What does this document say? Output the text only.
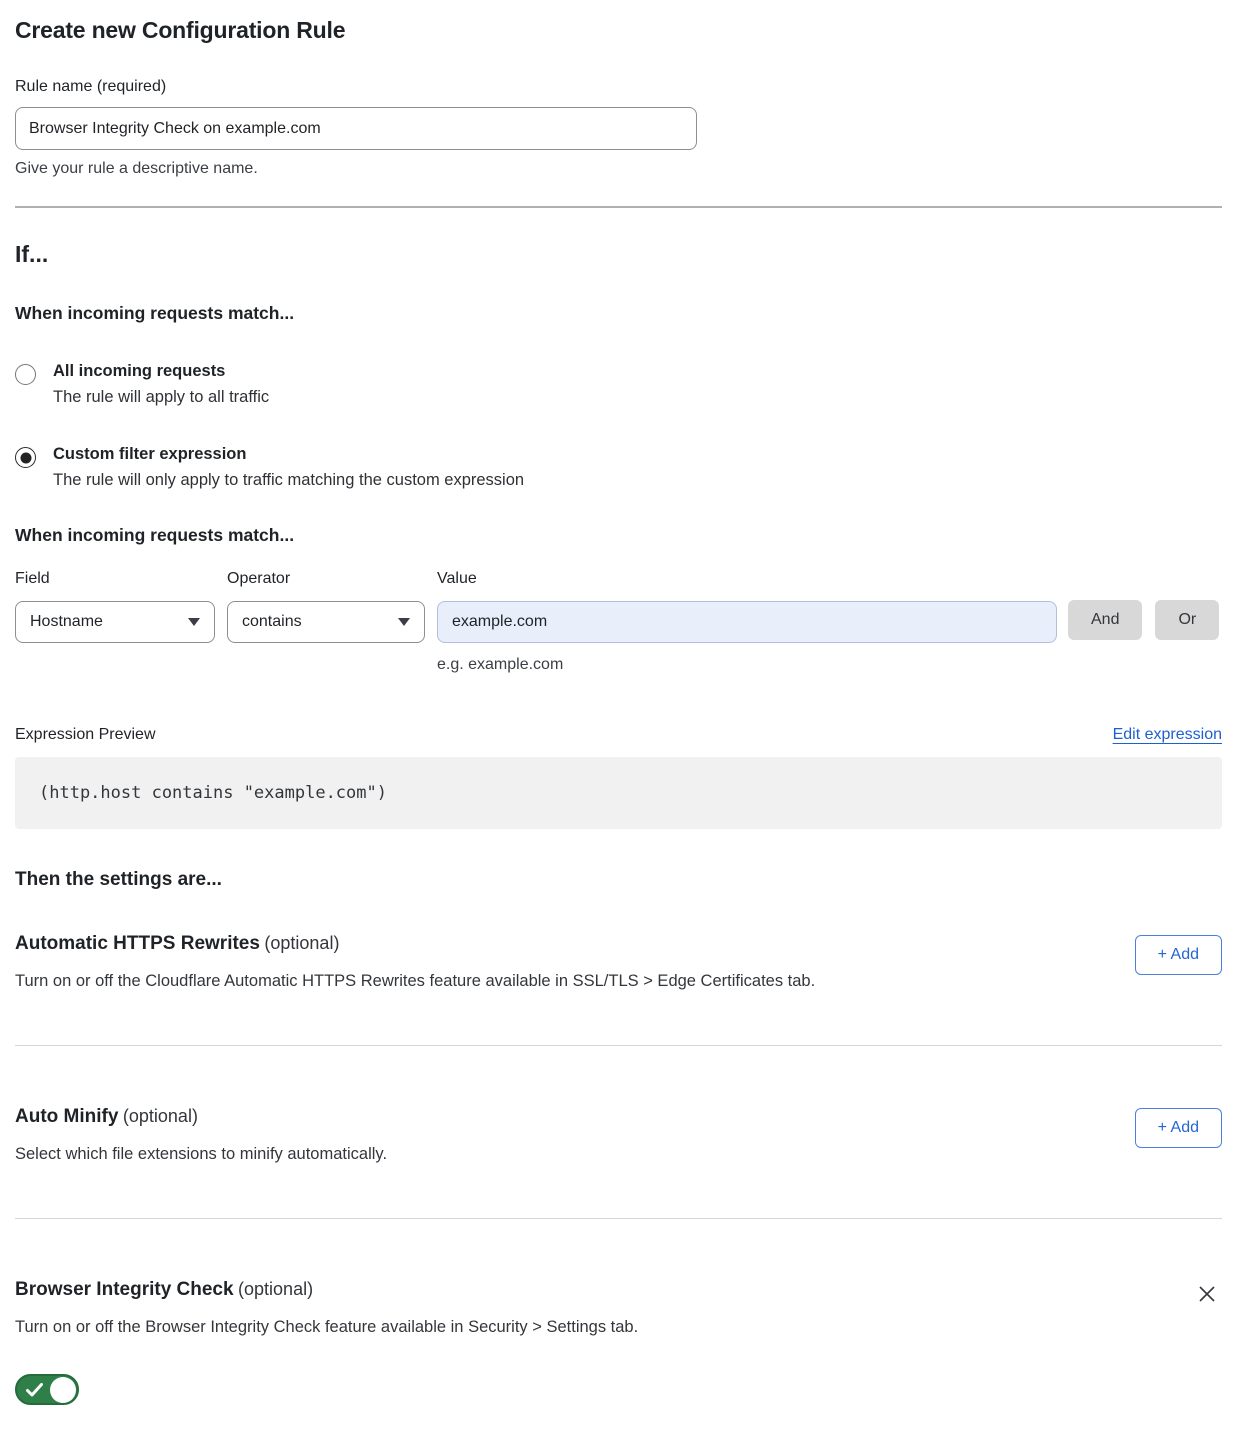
Create new Configuration Rule
Rule name (required)
Browser Integrity Check on example.com
Give your rule a descriptive name.
If...
When incoming requests match...
All incoming requests
The rule will apply to all traffic
Custom filter expression
The rule will only apply to traffic matching the custom expression
When incoming requests match...
Field
Hostname
Operator
contains
Value
example.com
e.g. example.com
And	Or
Expression Preview	Edit expression
(http.host contains "example.com")
Then the settings are...
Automatic HTTPS Rewrites (optional)
Turn on or off the Cloudflare Automatic HTTPS Rewrites feature available in SSL/TLS > Edge Certificates tab.
+ Add
Auto Minify (optional)
Select which file extensions to minify automatically.
+ Add
Browser Integrity Check (optional)
Turn on or off the Browser Integrity Check feature available in Security > Settings tab.
